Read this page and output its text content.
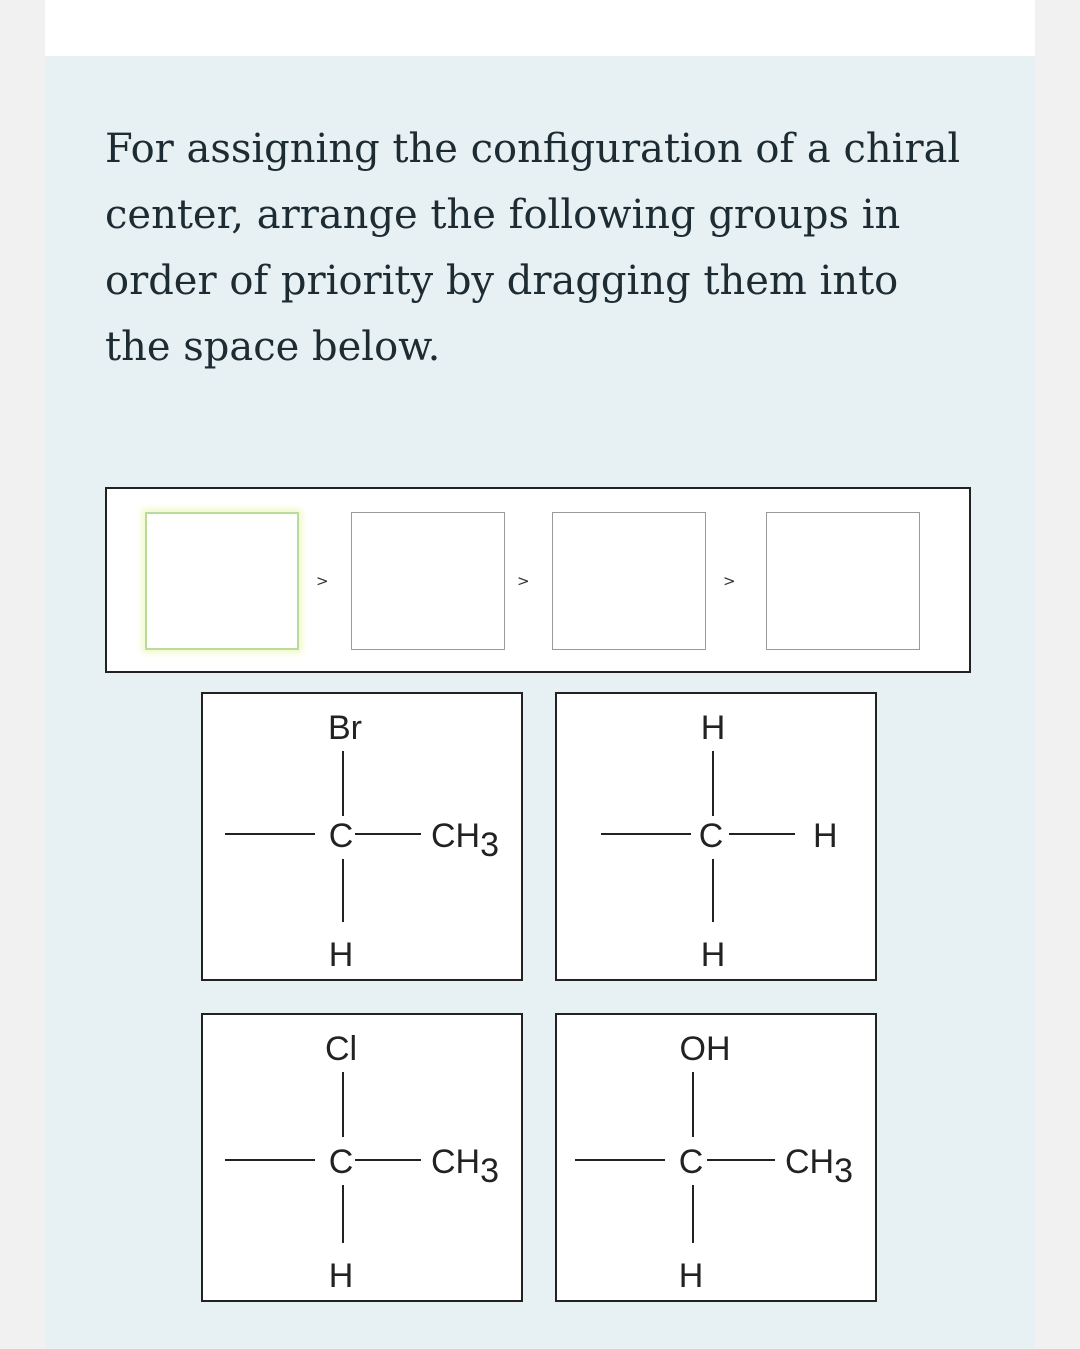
For assigning the configuration of a chiral
center, arrange the following groups in
order of priority by dragging them into
the space below.
>	>	>
Br
C CH3
H
H
C	H
H
Cl
C CH3
H
OH
C CH3
H
